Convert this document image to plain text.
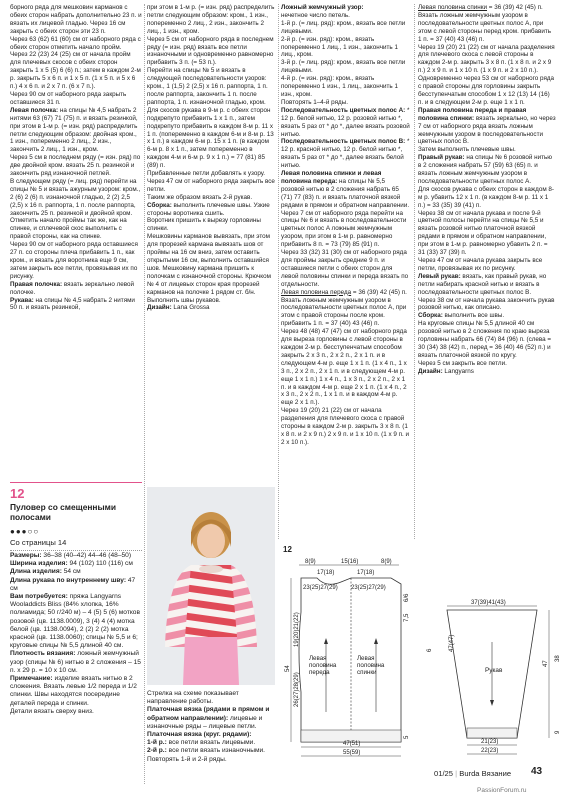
борного ряда для мешковин карманов с обеих сторон набрать дополнительно 23 п. и вязать их лицевой гладью. Через 16 см закрыть с обеих сторон эти 23 п.
Через 63 (62) 61 (60) см от наборного ряда с обеих сторон отметить начало пройм.
Через 22 (23) 24 (25) см от начала пройм для плечевых скосов с обеих сторон закрыть 1 x 5 (5) 6 (6) п.; затем в каждом 2-м р. закрыть 5 x 6 п. и 1 x 5 п. (1 x 5 п. и 5 x 6 п.) 4 x 6 п. и 2 x 7 п. (6 x 7 п.).
Через 90 см от наборного ряда закрыть оставшиеся 31 п.

Левая полочка: на спицы № 4,5 набрать 2 нитями 63 (67) 71 (75) п. и вязать резинкой, при этом в 1-м р. (= изн. ряд) распределить петли следующим образом: двойная кром., 1 изн., попеременно 2 лиц., 2 изн., закончить 2 лиц., 1 изн., кром.
Через 5 см в последнем ряду (= изн. ряд) по две двойной кром. вязать 25 п. резинкой и закончить ряд изнаночной петлей.
В следующем ряду (= лиц. ряд) перейти на спицы № 5 и вязать ажурным узором: кром., 2 (6) 2 (6) п. изнаночной гладью, 2 (2) 2,5 (2,5) x 16 п. раппорта, 1 п. после раппорта, закончить 25 п. резинкой и двойной кром.
Отметить начало проймы так же, как на спинке, и сплечевой скос выполнить с правой стороны, как на спинке.
Через 90 см от наборного ряда оставшиеся 27 п. со стороны плеча прибавить 1 п., как кром., и вязать для воротника еще 9 см, затем закрыть все петли, провязывая их по рисунку.

Правая полочка: вязать зеркально левой полочке.

Рукава: на спицы № 4,5 набрать 2 нитями 50 п. и вязать резинкой,

при этом в 1-м р. (= изн. ряд) распределить петли следующим образом: кром., 1 изн., попеременно 2 лиц., 2 изн., закончить 2 лиц., 1 изн., кром.
Через 5 см от наборного ряда в последнем ряду (= изн. ряд) вязать все петли изнаночными и одновременно равномерно прибавить 3 п. (= 53 п.).
Перейти на спицы № 5 и вязать в следующей последовательности узоров: кром., 1 (1,5) 2 (2,5) x 16 п. раппорта, 1 п. после раппорта, закончить 1 п. после раппорта, 1 п. изнаночной гладью, кром.
Для скосов рукава в 9-м р. с обеих сторон подкрепуто прибавить 1 x 1 п., затем подкрепуто прибавить в каждом 8-м р. 11 x 1 п. (попеременно в каждом 6-м и 8-м р. 13 x 1 п.) в каждом 6-м р. 15 x 1 п. (в каждом 6-м р. 8 x 1 п., затем попеременно в каждом 4-м и 6-м р. 9 x 1 п.) = 77 (81) 85 (89) п.
Прибавленные петли добавлять к узору.
Через 47 см от наборного ряда закрыть все петли.
Таким же образом вязать 2-й рукав.

Сборка: выполнить плечевые швы. Узкие стороны воротника сшить.
Воротник пришить к вырезу горловины спинки.
Мешковины карманов вывязать, при этом для прорезей кармана вывязать шов от проймы на 16 см вниз, затем оставить открытыми 16 см, выполнить оставшийся шов. Мешковину кармана пришить к полочкам с изнаночной стороны. Крючком № 4 от лицевых сторон края прорезей карманов на полочке 1 рядом ст. б/н.
Выполнить швы рукавов.

Дизайн: Lana Grossa

Ложный жемчужный узор:

нечетное число петель.
1-й р. (= лиц. ряд): кром., вязать все петли лицевыми.
2-й р. (= изн. ряд): кром., вязать попеременно 1 лиц., 1 изн., закончить 1 лиц., кром.
3-й р. (= лиц. ряд): кром., вязать все петли лицевыми.
4-й р. (= изн. ряд): кром., вязать попеременно 1 изн., 1 лиц., закончить 1 изн., кром.
Повторять 1–4-й ряды.

Последовательность цветных полос A: * 12 р. белой нитью, 12 р. розовой нитью *, вязать 5 раз от * до *, далее вязать розовой нитью.

Последовательность цветных полос B: * 12 р. красной нитью, 12 р. белой нитью *, вязать 5 раз от * до *, далее вязать белой нитью.

Левая половина спинки и левая половина переда: на спицы № 5,5 розовой нитью в 2 сложения набрать 65 (71) 77 (83) п. и вязать платочной вязкой рядами в прямом и обратном направлении.
Через 7 см от наборного ряда перейти на спицы № 6 и вязать в последовательности цветных полос A ложным жемчужным узором, при этом в 1-м р. равномерно прибавить 8 п. = 73 (79) 85 (91) п.
Через 33 (32) 31 (30) см от наборного ряда для проймы закрыть средние 9 п. и оставшиеся петли с обеих сторон для левой половины спинки и переда вязать по отдельности.

Левая половина переда = 36 (39) 42 (45) п.
Вязать ложным жемчужным узором в последовательности цветных полос A, при этом с правой стороны после кром. прибавить 1 п. = 37 (40) 43 (46) п.
Через 48 (48) 47 (47) см от наборного ряда для выреза горловины с левой стороны в каждом 2-м р. бесступенчатым способом закрыть 2 x 3 п., 2 x 2 п., 2 x 1 п. и в следующем 4-м р. еще 1 x 1 п. (1 x 4 п., 1 x 3 п., 2 x 2 п., 2 x 1 п. и в следующем 4-м р. еще 1 x 1 п.) 1 x 4 п., 1 x 3 п., 2 x 2 п., 2 x 1 п. и в каждом 4-м р. еще 2 x 1 п. (1 x 4 п., 2 x 3 п., 2 x 2 п., 1 x 1 п. и в каждом 4-м р. еще 2 x 1 п.).
Через 19 (20) 21 (22) см от начала разделения для плечевого скоса с правой стороны в каждом 2-м р. закрыть 3 x 8 п. (1 x 8 п. и 2 x 9 п.) 2 x 9 п. и 1 x 10 п. (1 x 9 п. и 2 x 10 п.).

Левая половина спинки = 36 (39) 42 (45) п.
Вязать ложным жемчужным узором в последовательности цветных полос A, при этом с левой стороны перед кром. прибавить 1 п. = 37 (40) 43 (46) п.
Через 19 (20) 21 (22) см от начала разделения для плечевого скоса с левой стороны в каждом 2-м р. закрыть 3 x 8 п. (1 x 8 п. и 2 x 9 п.) 2 x 9 п. и 1 x 10 п. (1 x 9 п. и 2 x 10 п.).
Одновременно через 53 см от наборного ряда с правой стороны для горловины закрыть бесступенчатым способом 1 x 12 (13) 14 (16) п. и в следующем 2-м р. еще 1 x 1 п.

Правая половина переда и правая половина спинки: вязать зеркально, но через 7 см от наборного ряда вязать ложным жемчужным узором в последовательности цветных полос B.
Затем выполнить плечевые швы.

Правый рукав: на спицы № 6 розовой нитью в 2 сложения набрать 57 (59) 63 (65) п. и вязать ложным жемчужным узором в последовательности цветных полос A.
Для скосов рукава с обеих сторон в каждом 8-м р. убавить 12 x 1 п. (в каждом 8-м р. 11 x 1 п.) = 33 (35) 39 (41) п.
Через 38 см от начала рукава и после 9-й цветной полосы перейти на спицы № 5,5 и вязать розовой нитью платочной вязкой рядами в прямом и обратном направлении, при этом в 1-м р. равномерно убавить 2 п. = 31 (33) 37 (39) п.
Через 47 см от начала рукава закрыть все петли, провязывая их по рисунку.

Левый рукав: вязать, как правый рукав, но петли набирать красной нитью и вязать в последовательности цветных полос B.
Через 38 см от начала рукава закончить рукав розовой нитью, как описано.

Сборка: выполнить все швы.
На круговые спицы № 5,5 длиной 40 см розовой нитью в 2 сложения по краю выреза горловины набрать 66 (74) 84 (96) п. (слева = 30 (34) 38 (42) п., перед = 36 (40) 46 (52) п.) и вязать платочной вязкой по кругу.
Через 5 см закрыть все петли.

Дизайн: Langyarns

12
Пуловер со смещенными полосами
●●●○○
Со страницы 14

Размеры: 36–38 (40–42) 44–46 (48–50)

Ширина изделия: 94 (102) 110 (116) см

Длина изделия: 54 см

Длина рукава по внутреннему шву: 47 см

Вам потребуется: пряжа Langyarns Wooladdicts Bliss (84% хлопка, 16% полиамида; 50 г/240 м) – 4 (5) 5 (6) мотков розовой (цв. 1138.0009), 3 (4) 4 (4) мотка белой (цв. 1138.0094), 2 (2) 2 (2) мотка красной (цв. 1138.0060); спицы № 5,5 и 6; круговые спицы № 5,5 длиной 40 см.

Плотность вязания: ложный жемчужный узор (спицы № 6) нитью в 2 сложения – 15 п. x 29 р. = 10 x 10 см.

Примечание: изделие вязать нитью в 2 сложения. Вязать левые 1/2 переда и 1/2 спинки. Швы находятся посередине деталей переда и спинки.
Детали вязать сверху вниз.

Стрелка на схеме показывает направление работы.

Платочная вязка (рядами в прямом и обратном направлении): лицевые и изнаночные ряды – лицевые петли.

Платочная вязка (круг. рядами):

1-й р.: все петли вязать лицевыми.

2-й р.: все петли вязать изнаночными.
Повторять 1-й и 2-й ряды.

12
8(9)	15(16)	8(9)
17(18)	17(18)
23(25)27(29) 23(25)27(29)
Левая половина переда
Левая половина спинки
54
19(20)21(22)
26(27)28(29)
6/6
7,5
5
47(51)
55(59)
37(39)41(43)
Рукав
47
38
9
47(47)
6
21(23)
22(23)
01/25 | Burda Вязание 43
PassionForum.ru
